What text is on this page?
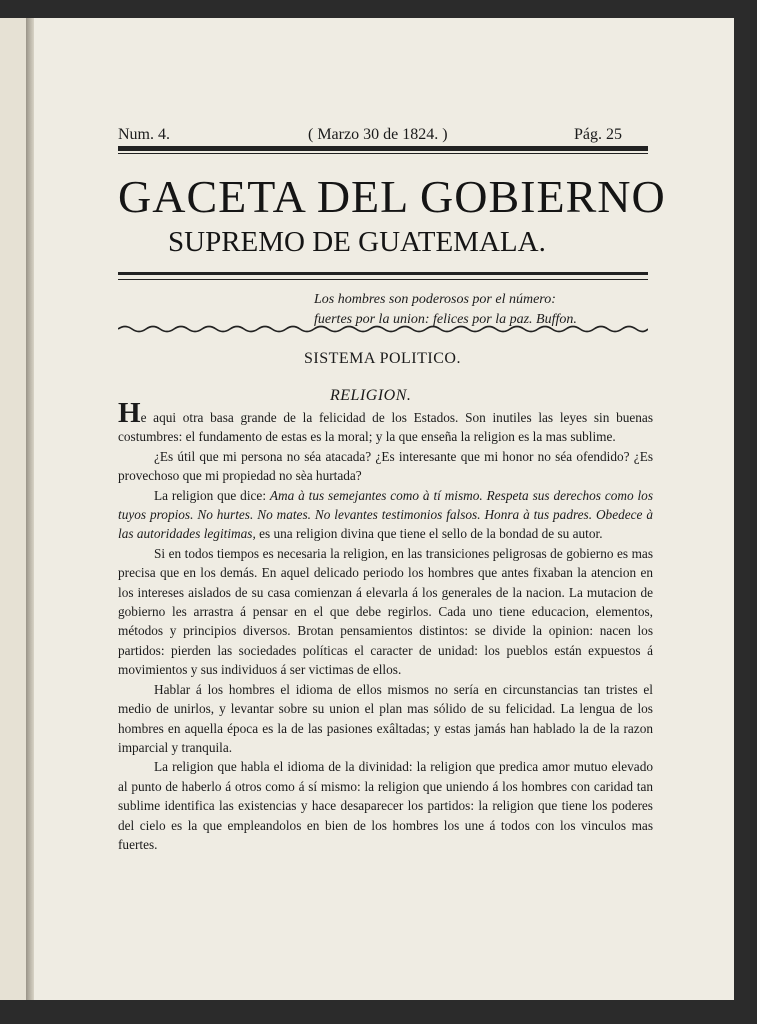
Num. 4.	( Marzo 30 de 1824. )	Pág. 25
GACETA DEL GOBIERNO
SUPREMO DE GUATEMALA.
Los hombres son poderosos por el número:
fuertes por la union: felices por la paz. Buffon.
SISTEMA POLITICO.
RELIGION.

He aqui otra basa grande de la felicidad de los Estados. Son inutiles las leyes sin buenas costumbres: el fundamento de estas es la moral; y la que enseña la religion es la mas sublime.

¿Es útil que mi persona no séa atacada? ¿Es interesante que mi honor no séa ofendido? ¿Es provechoso que mi propiedad no sèa hurtada?

La religion que dice: Ama à tus semejantes como à tí mismo. Respeta sus derechos como los tuyos propios. No hurtes. No mates. No levantes testimonios falsos. Honra à tus padres. Obedece à las autoridades legitimas, es una religion divina que tiene el sello de la bondad de su autor.

Si en todos tiempos es necesaria la religion, en las transiciones peligrosas de gobierno es mas precisa que en los demás. En aquel delicado periodo los hombres que antes fixaban la atencion en los intereses aislados de su casa comienzan á elevarla á los generales de la nacion. La mutacion de gobierno les arrastra á pensar en el que debe regirlos. Cada uno tiene educacion, elementos, métodos y principios diversos. Brotan pensamientos distintos: se divide la opinion: nacen los partidos: pierden las sociedades políticas el caracter de unidad: los pueblos están expuestos á movimientos y sus individuos á ser victimas de ellos.

Hablar á los hombres el idioma de ellos mismos no sería en circunstancias tan tristes el medio de unirlos, y levantar sobre su union el plan mas sólido de su felicidad. La lengua de los hombres en aquella época es la de las pasiones exâltadas; y estas jamás han hablado la de la razon imparcial y tranquila.

La religion que habla el idioma de la divinidad: la religion que predica amor mutuo elevado al punto de haberlo á otros como á sí mismo: la religion que uniendo á los hombres con caridad tan sublime identifica las existencias y hace desaparecer los partidos: la religion que tiene los poderes del cielo es la que empleandolos en bien de los hombres los une á todos con los vinculos mas fuertes.
